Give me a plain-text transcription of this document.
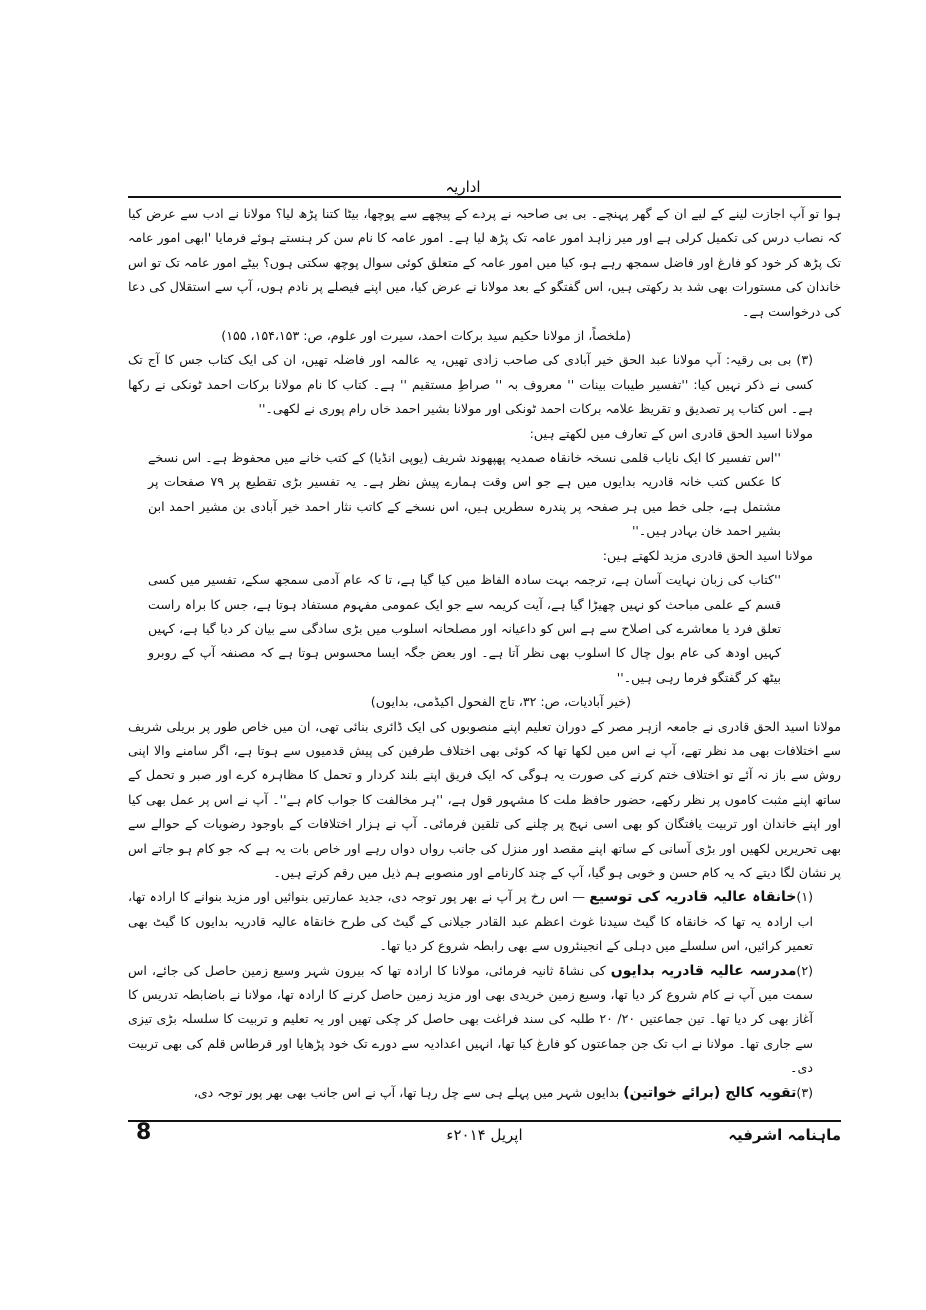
اداریہ

ہوا تو آپ اجازت لینے کے لیے ان کے گھر پہنچے۔ بی بی صاحبہ نے پردے کے پیچھے سے پوچھا، بیٹا کتنا پڑھ لیا؟ مولانا نے ادب سے عرض کیا کہ نصاب درس کی تکمیل کرلی ہے اور میر زاہد امور عامہ تک پڑھ لیا ہے۔ امور عامہ کا نام سن کر ہنستے ہوئے فرمایا 'ابھی امور عامہ تک پڑھ کر خود کو فارغ اور فاضل سمجھ رہے ہو، کیا میں امور عامہ کے متعلق کوئی سوال پوچھ سکتی ہوں؟ بیٹے امور عامہ تک تو اس خاندان کی مستورات بھی شد بد رکھتی ہیں، اس گفتگو کے بعد مولانا نے عرض کیا، میں اپنے فیصلے پر نادم ہوں، آپ سے استقلال کی دعا کی درخواست ہے۔

(ملخصاً، از مولانا حکیم سید برکات احمد، سیرت اور علوم، ص: ۱۵۴،۱۵۳، ۱۵۵)

(۳) بی بی رقیہ: آپ مولانا عبد الحق خیر آبادی کی صاحب زادی تھیں، یہ عالمہ اور فاضلہ تھیں، ان کی ایک کتاب جس کا آج تک کسی نے ذکر نہیں کیا: ''تفسیر طیبات بینات '' معروف بہ '' صراطِ مستقیم '' ہے۔ کتاب کا نام مولانا برکات احمد ٹونکی نے رکھا ہے۔ اس کتاب پر تصدیق و تقریظ علامہ برکات احمد ٹونکی اور مولانا بشیر احمد خاں رام پوری نے لکھی۔''

مولانا اسید الحق قادری اس کے تعارف میں لکھتے ہیں:

''اس تفسیر کا ایک نایاب قلمی نسخہ خانقاہ صمدیہ پھپھوند شریف (یوپی انڈیا) کے کتب خانے میں محفوظ ہے۔ اس نسخے کا عکس کتب خانہ قادریہ بدایوں میں ہے جو اس وقت ہمارے پیش نظر ہے۔ یہ تفسیر بڑی تقطیع پر ۷۹ صفحات پر مشتمل ہے، جلی خط میں ہر صفحہ پر پندرہ سطریں ہیں، اس نسخے کے کاتب نثار احمد خیر آبادی بن مشیر احمد ابن بشیر احمد خان بہادر ہیں۔''

مولانا اسید الحق قادری مزید لکھتے ہیں:

''کتاب کی زبان نہایت آسان ہے، ترجمہ بہت سادہ الفاظ میں کیا گیا ہے، تا کہ عام آدمی سمجھ سکے، تفسیر میں کسی قسم کے علمی مباحث کو نہیں چھیڑا گیا ہے، آیت کریمہ سے جو ایک عمومی مفہوم مستفاد ہوتا ہے، جس کا براہ راست تعلق فرد یا معاشرے کی اصلاح سے ہے اس کو داعیانہ اور مصلحانہ اسلوب میں بڑی سادگی سے بیان کر دیا گیا ہے، کہیں کہیں اودھ کی عام بول چال کا اسلوب بھی نظر آتا ہے۔ اور بعض جگہ ایسا محسوس ہوتا ہے کہ مصنفہ آپ کے روبرو بیٹھ کر گفتگو فرما رہی ہیں۔''

(خیر آبادیات، ص: ۳۲، تاج الفحول اکیڈمی، بدایوں)

مولانا اسید الحق قادری نے جامعہ ازہر مصر کے دوران تعلیم اپنے منصوبوں کی ایک ڈائری بنائی تھی، ان میں خاص طور پر بریلی شریف سے اختلافات بھی مد نظر تھے، آپ نے اس میں لکھا تھا کہ کوئی بھی اختلاف طرفین کی پیش قدمیوں سے ہوتا ہے، اگر سامنے والا اپنی روش سے باز نہ آئے تو اختلاف ختم کرنے کی صورت یہ ہوگی کہ ایک فریق اپنے بلند کردار و تحمل کا مظاہرہ کرے اور صبر و تحمل کے ساتھ اپنے مثبت کاموں پر نظر رکھے، حضور حافظ ملت کا مشہور قول ہے، ''ہر مخالفت کا جواب کام ہے''۔ آپ نے اس پر عمل بھی کیا اور اپنے خاندان اور تربیت یافتگان کو بھی اسی نہج پر چلنے کی تلقین فرمائی۔ آپ نے ہزار اختلافات کے باوجود رضویات کے حوالے سے بھی تحریریں لکھیں اور بڑی آسانی کے ساتھ اپنے مقصد اور منزل کی جانب رواں دواں رہے اور خاص بات یہ ہے کہ جو کام ہو جاتے اس پر نشان لگا دیتے کہ یہ کام حسن و خوبی ہو گیا، آپ کے چند کارنامے اور منصوبے ہم ذیل میں رقم کرتے ہیں۔

(۱)خانقاہ عالیہ قادریہ کی توسیع — اس رخ پر آپ نے بھر پور توجہ دی، جدید عمارتیں بنوائیں اور مزید بنوانے کا ارادہ تھا، اب ارادہ یہ تھا کہ خانقاہ کا گیٹ سیدنا غوث اعظم عبد القادر جیلانی کے گیٹ کی طرح خانقاہ عالیہ قادریہ بدایوں کا گیٹ بھی تعمیر کرائیں، اس سلسلے میں دہلی کے انجینئروں سے بھی رابطہ شروع کر دیا تھا۔

(۲)مدرسہ عالیہ قادریہ بدایوں کی نشاۃ ثانیہ فرمائی، مولانا کا ارادہ تھا کہ بیرون شہر وسیع زمین حاصل کی جائے، اس سمت میں آپ نے کام شروع کر دیا تھا، وسیع زمین خریدی بھی اور مزید زمین حاصل کرنے کا ارادہ تھا، مولانا نے باضابطہ تدریس کا آغاز بھی کر دیا تھا۔ تین جماعتیں ۲۰/ ۲۰ طلبہ کی سند فراغت بھی حاصل کر چکی تھیں اور یہ تعلیم و تربیت کا سلسلہ بڑی تیزی سے جاری تھا۔ مولانا نے اب تک جن جماعتوں کو فارغ کیا تھا، انہیں اعدادیہ سے دورے تک خود پڑھایا اور قرطاس قلم کی بھی تربیت دی۔

(۳)تقویہ کالج (برائے خواتین) بدایوں شہر میں پہلے ہی سے چل رہا تھا، آپ نے اس جانب بھی بھر پور توجہ دی،

ماہنامہ اشرفیہ
اپریل ۲۰۱۴ء
8
